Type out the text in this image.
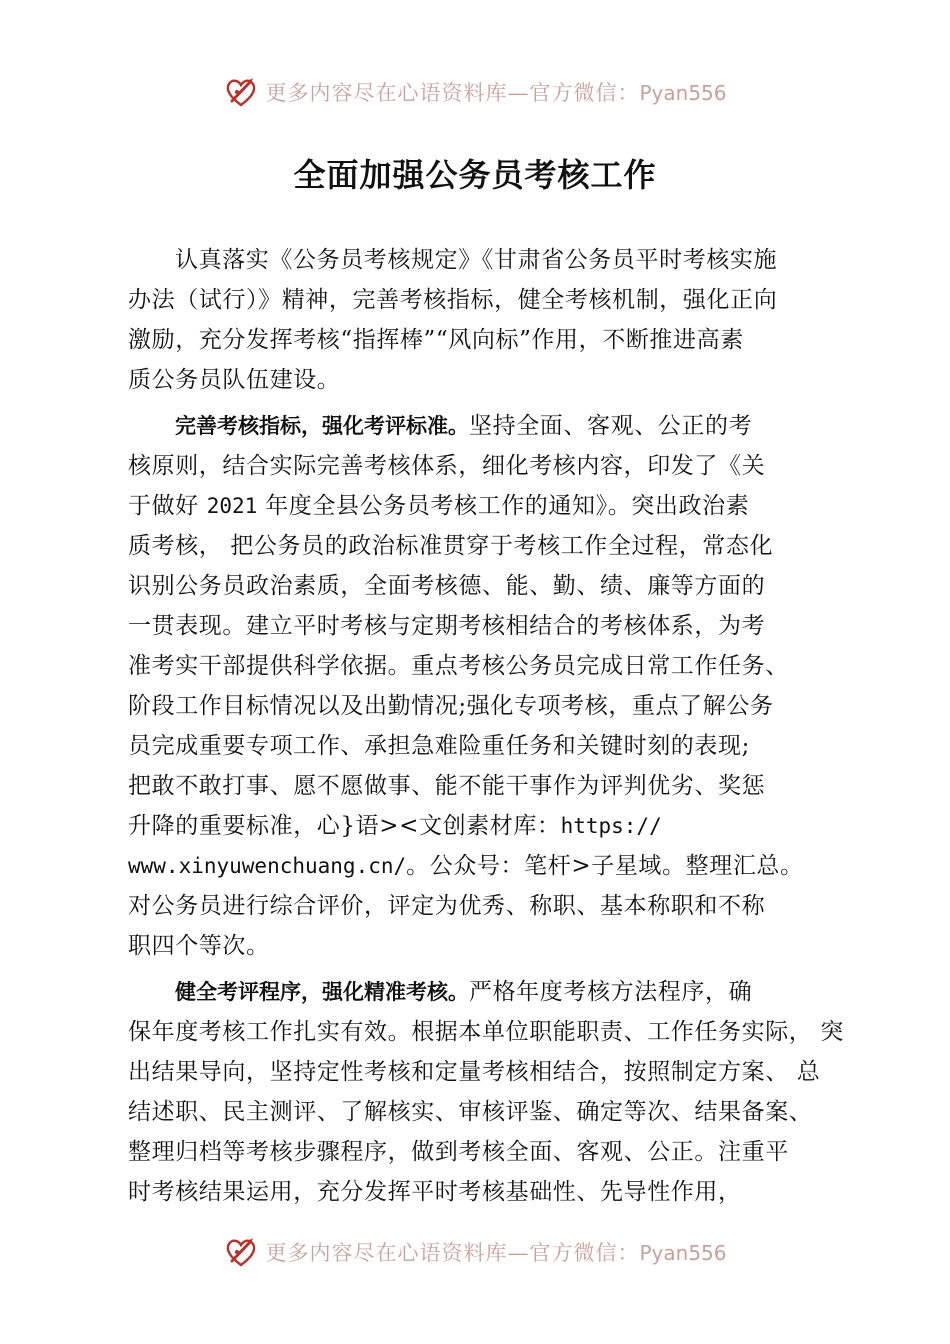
更多内容尽在心语资料库—官方微信：Pyan556
全面加强公务员考核工作
认真落实《公务员考核规定》《甘肃省公务员平时考核实施
办法（试行）》精神，完善考核指标，健全考核机制，强化正向
激励，充分发挥考核“指挥棒”“风向标”作用，不断推进高素
质公务员队伍建设。
完善考核指标，强化考评标准。坚持全面、客观、公正的考
核原则，结合实际完善考核体系，细化考核内容，印发了《关
于做好 2021 年度全县公务员考核工作的通知》。突出政治素
质考核， 把公务员的政治标准贯穿于考核工作全过程，常态化
识别公务员政治素质，全面考核德、能、勤、绩、廉等方面的
一贯表现。建立平时考核与定期考核相结合的考核体系，为考
准考实干部提供科学依据。重点考核公务员完成日常工作任务、
阶段工作目标情况以及出勤情况;强化专项考核，重点了解公务
员完成重要专项工作、承担急难险重任务和关键时刻的表现;
把敢不敢打事、愿不愿做事、能不能干事作为评判优劣、奖惩
升降的重要标准，心}语><文创素材库：https://
www.xinyuwenchuang.cn/。公众号：笔杆>子星域。整理汇总。
对公务员进行综合评价，评定为优秀、称职、基本称职和不称
职四个等次。
健全考评程序，强化精准考核。严格年度考核方法程序，确
保年度考核工作扎实有效。根据本单位职能职责、工作任务实际， 突
出结果导向，坚持定性考核和定量考核相结合，按照制定方案、 总
结述职、民主测评、了解核实、审核评鉴、确定等次、结果备案、
整理归档等考核步骤程序，做到考核全面、客观、公正。注重平
时考核结果运用，充分发挥平时考核基础性、先导性作用，
更多内容尽在心语资料库—官方微信：Pyan556
